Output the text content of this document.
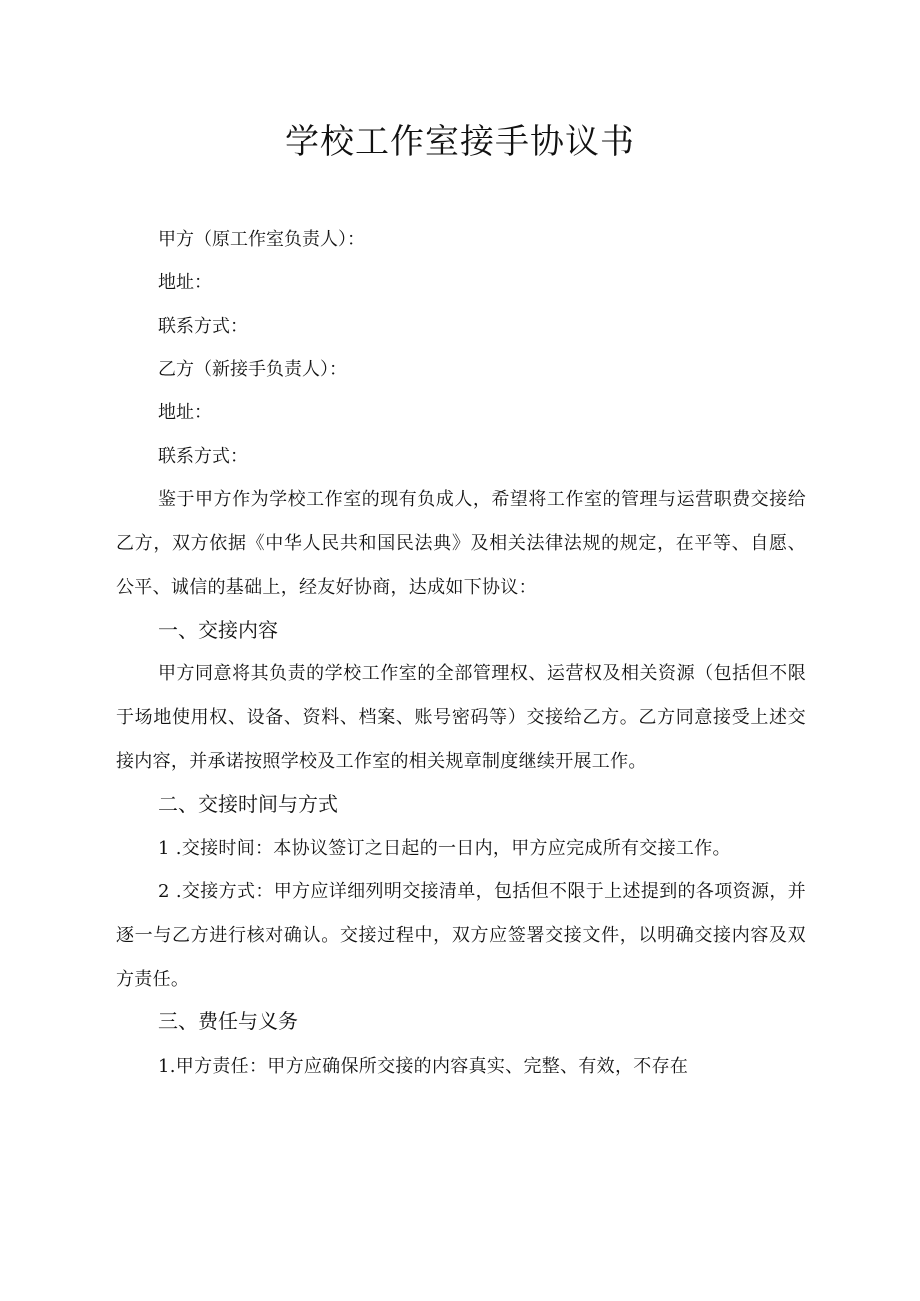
学校工作室接手协议书
甲方（原工作室负责人）：
地址：
联系方式：
乙方（新接手负责人）：
地址：
联系方式：
鉴于甲方作为学校工作室的现有负成人，希望将工作室的管理与运营职费交接给乙方，双方依据《中华人民共和国民法典》及相关法律法规的规定，在平等、自愿、公平、诚信的基础上，经友好协商，达成如下协议：
一、交接内容
甲方同意将其负责的学校工作室的全部管理权、运营权及相关资源（包括但不限于场地使用权、设备、资料、档案、账号密码等）交接给乙方。乙方同意接受上述交接内容，并承诺按照学校及工作室的相关规章制度继续开展工作。
二、交接时间与方式
1 .交接时间：本协议签订之日起的一日内，甲方应完成所有交接工作。
2 .交接方式：甲方应详细列明交接清单，包括但不限于上述提到的各项资源，并逐一与乙方进行核对确认。交接过程中，双方应签署交接文件，以明确交接内容及双方责任。
三、费任与义务
1.甲方责任：甲方应确保所交接的内容真实、完整、有效，不存在
